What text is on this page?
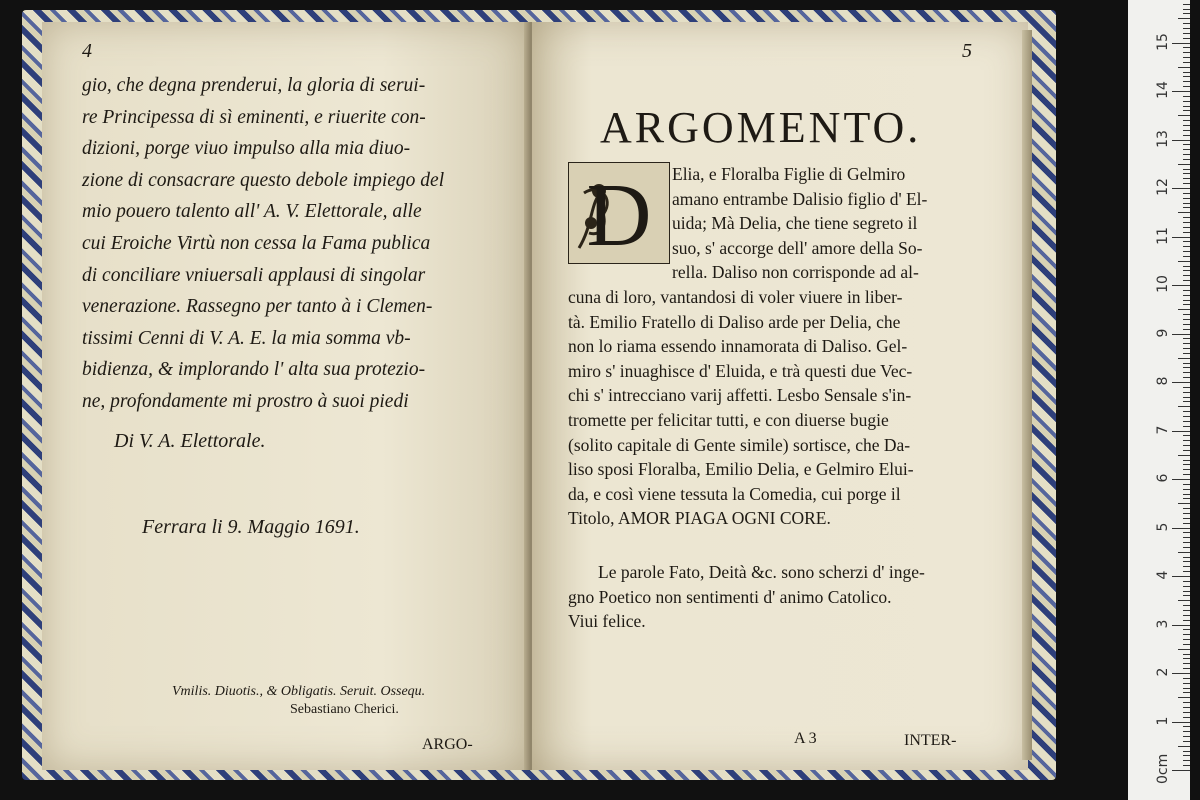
4
gio, che degna prenderui, la gloria di serui-
re Principessa di sì eminenti, e riuerite con-
dizioni, porge viuo impulso alla mia diuo-
zione di consacrare questo debole impiego del
mio pouero talento all' A. V. Elettorale, alle
cui Eroiche Virtù non cessa la Fama publica
di conciliare vniuersali applausi di singolar
venerazione. Rassegno per tanto à i Clemen-
tissimi Cenni di V. A. E. la mia somma vb-
bidienza, & implorando l' alta sua protezio-
ne, profondamente mi prostro à suoi piedi
Di V. A. Elettorale.
Ferrara li 9. Maggio 1691.
Vmilis. Diuotis., & Obligatis. Seruit. Ossequ.
Sebastiano Cherici.
ARGO-
5
ARGOMENTO.
D	Elia, e Floralba Figlie di Gelmiro
amano entrambe Dalisio figlio d' El-
uida; Mà Delia, che tiene segreto il
suo, s' accorge dell' amore della So-
rella. Daliso non corrisponde ad al-
cuna di loro, vantandosi di voler viuere in liber-
tà. Emilio Fratello di Daliso arde per Delia, che
non lo riama essendo innamorata di Daliso. Gel-
miro s' inuaghisce d' Eluida, e trà questi due Vec-
chi s' intrecciano varij affetti. Lesbo Sensale s'in-
tromette per felicitar tutti, e con diuerse bugie
(solito capitale di Gente simile) sortisce, che Da-
liso sposi Floralba, Emilio Delia, e Gelmiro Elui-
da, e così viene tessuta la Comedia, cui porge il
Titolo, AMOR PIAGA OGNI CORE.
Le parole Fato, Deità &c. sono scherzi d' inge-
gno Poetico non sentimenti d' animo Catolico.
Viui felice.
A 3	INTER-
0cm
1
2
3
4
5
6
7
8
9
10
11
12
13
14
15
